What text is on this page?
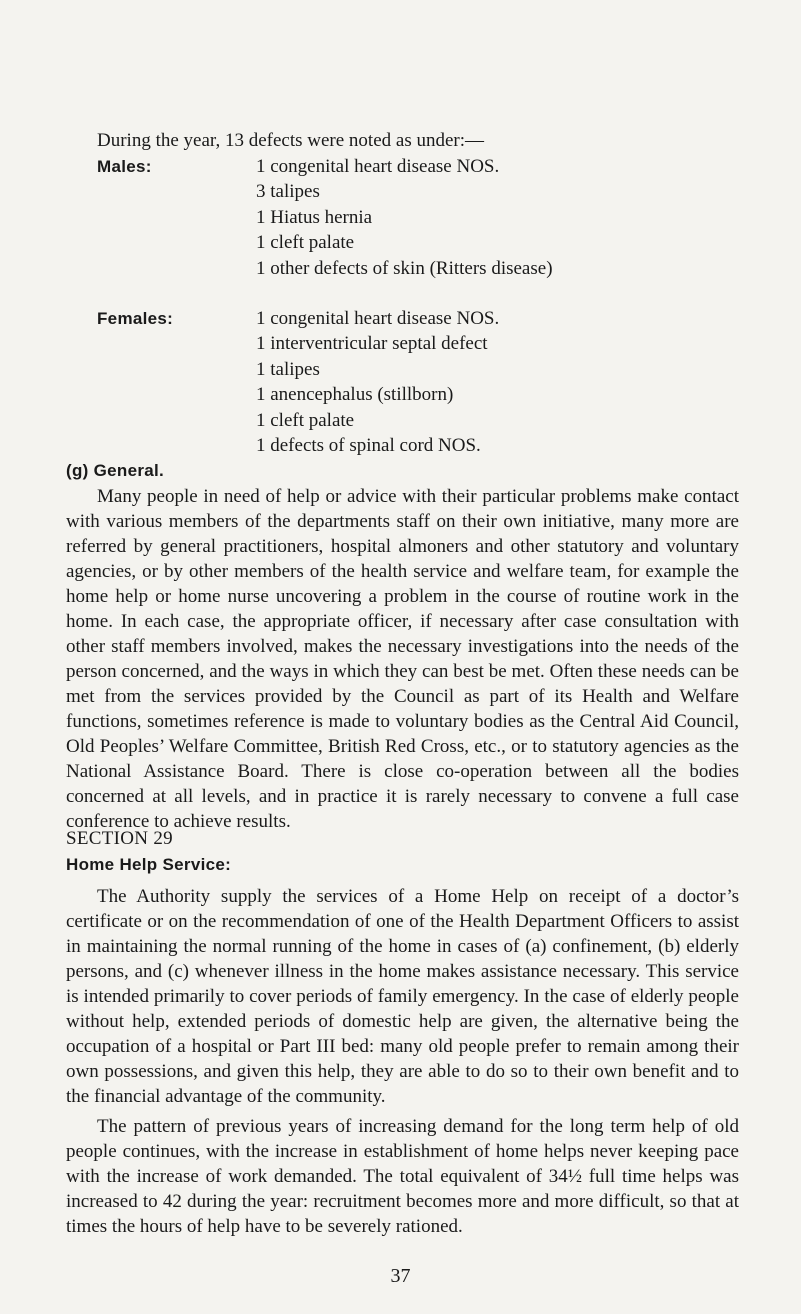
During the year, 13 defects were noted as under:—
Males:	1 congenital heart disease NOS.
3 talipes
1 Hiatus hernia
1 cleft palate
1 other defects of skin (Ritters disease)
Females:	1 congenital heart disease NOS.
1 interventricular septal defect
1 talipes
1 anencephalus (stillborn)
1 cleft palate
1 defects of spinal cord NOS.
(g) General.

Many people in need of help or advice with their particular problems make contact with various members of the departments staff on their own initiative, many more are referred by general practitioners, hospital almoners and other statutory and voluntary agencies, or by other members of the health service and welfare team, for example the home help or home nurse uncovering a problem in the course of routine work in the home. In each case, the appropriate officer, if necessary after case consultation with other staff members involved, makes the necessary investigations into the needs of the person concerned, and the ways in which they can best be met. Often these needs can be met from the services provided by the Council as part of its Health and Welfare functions, sometimes reference is made to voluntary bodies as the Central Aid Council, Old Peoples’ Welfare Committee, British Red Cross, etc., or to statutory agencies as the National Assistance Board. There is close co-operation between all the bodies concerned at all levels, and in practice it is rarely necessary to convene a full case conference to achieve results.

SECTION 29
Home Help Service:

The Authority supply the services of a Home Help on receipt of a doctor’s certificate or on the recommendation of one of the Health Department Officers to assist in maintaining the normal running of the home in cases of (a) confinement, (b) elderly persons, and (c) whenever illness in the home makes assistance necessary. This service is intended primarily to cover periods of family emergency. In the case of elderly people without help, extended periods of domestic help are given, the alternative being the occupation of a hospital or Part III bed: many old people prefer to remain among their own possessions, and given this help, they are able to do so to their own benefit and to the financial advantage of the community.

The pattern of previous years of increasing demand for the long term help of old people continues, with the increase in establishment of home helps never keeping pace with the increase of work demanded. The total equivalent of 34½ full time helps was increased to 42 during the year: recruitment becomes more and more difficult, so that at times the hours of help have to be severely rationed.

37
